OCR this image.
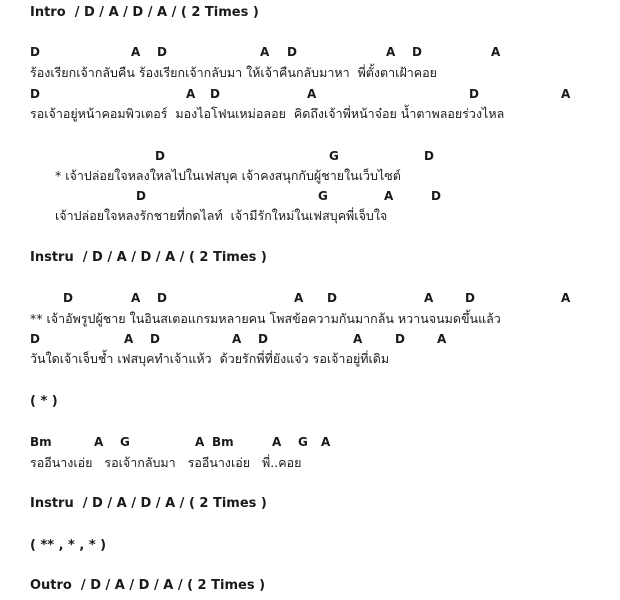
Intro  / D / A / D / A / ( 2 Times )

D

	A

D

	A

D

	A

D

	A

ร้องเรียกเจ้ากลับคืน ร้องเรียกเจ้ากลับมา ให้เจ้าคืนกลับมาหา  พี่ตั้งตาเฝ้าคอย

D

	A

D

	A

	D

	A

รอเจ้าอยู่หน้าคอมพิวเตอร์  มองไอโฟนเหม่อลอย  คิดถึงเจ้าพี่หน้าจ๋อย น้ำตาพลอยร่วงไหล

D

	G

	D

* เจ้าปล่อยใจหลงใหลไปในเฟสบุค เจ้าคงสนุกกับผู้ชายในเว็บไซต์

D

	G

	A

	D

เจ้าปล่อยใจหลงรักชายที่กดไลท์  เจ้ามีรักใหม่ในเฟสบุคพี่เจ็บใจ
Instru  / D / A / D / A / ( 2 Times )

D

	A

D

	A

D

	A

	D

	A

** เจ้าอัพรูปผู้ชาย ในอินสเตอแกรมหลายคน โพสข้อความกันมากล้น หวานจนมดขึ้นแล้ว

D

	A

D

	A

D

	A

	D

	A

วันใดเจ้าเจ็บช้ำ เฟสบุคทำเจ้าแห้ว  ด้วยรักพี่ที่ยังแจ๋ว รอเจ้าอยู่ที่เดิม
( * )

Bm

	A

G

	A

Bm

	A

G

A

รออีนางเอ่ย   รอเจ้ากลับมา   รออีนางเอ่ย   พี่..คอย
Instru  / D / A / D / A / ( 2 Times )
( ** , * , * )
Outro  / D / A / D / A / ( 2 Times )
